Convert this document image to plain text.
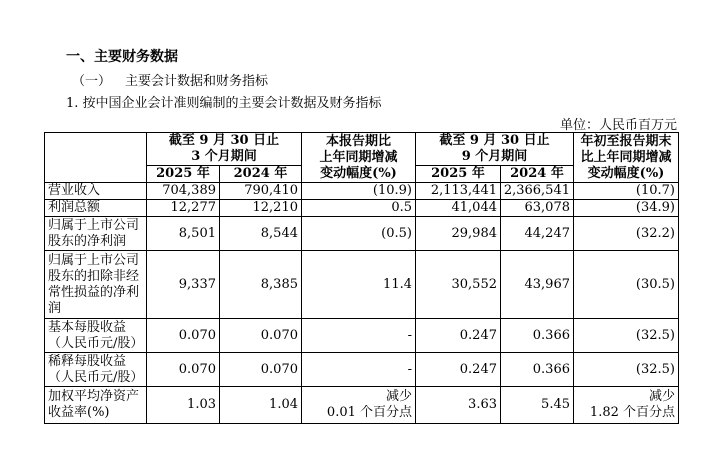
一、主要财务数据

（一） 主要会计数据和财务指标

1. 按中国企业会计准则编制的主要会计数据及财务指标

单位：人民币百万元

	截至 9 月 30 日止
3 个月期间		本报告期比
上年同期增减
变动幅度(%)	截至 9 月 30 日止
9 个月期间		年初至报告期末
比上年同期增减
变动幅度(%)

	2025 年	2024 年		2025 年	2024 年	
营业收入	704,389	790,410	(10.9)	2,113,441	2,366,541	(10.7)
利润总额	12,277	12,210	0.5	41,044	63,078	(34.9)

归属于上市公司
股东的净利润	8,501	8,544	(0.5)	29,984	44,247	(32.2)

归属于上市公司
股东的扣除非经
常性损益的净利
润	9,337	8,385	11.4	30,552	43,967	(30.5)

基本每股收益
（人民币元/股）	0.070	0.070	-	0.247	0.366	(32.5)

稀释每股收益
（人民币元/股）	0.070	0.070	-	0.247	0.366	(32.5)

加权平均净资产
收益率(%)	1.03	1.04	减少
0.01 个百分点	3.63	5.45	减少
1.82 个百分点
